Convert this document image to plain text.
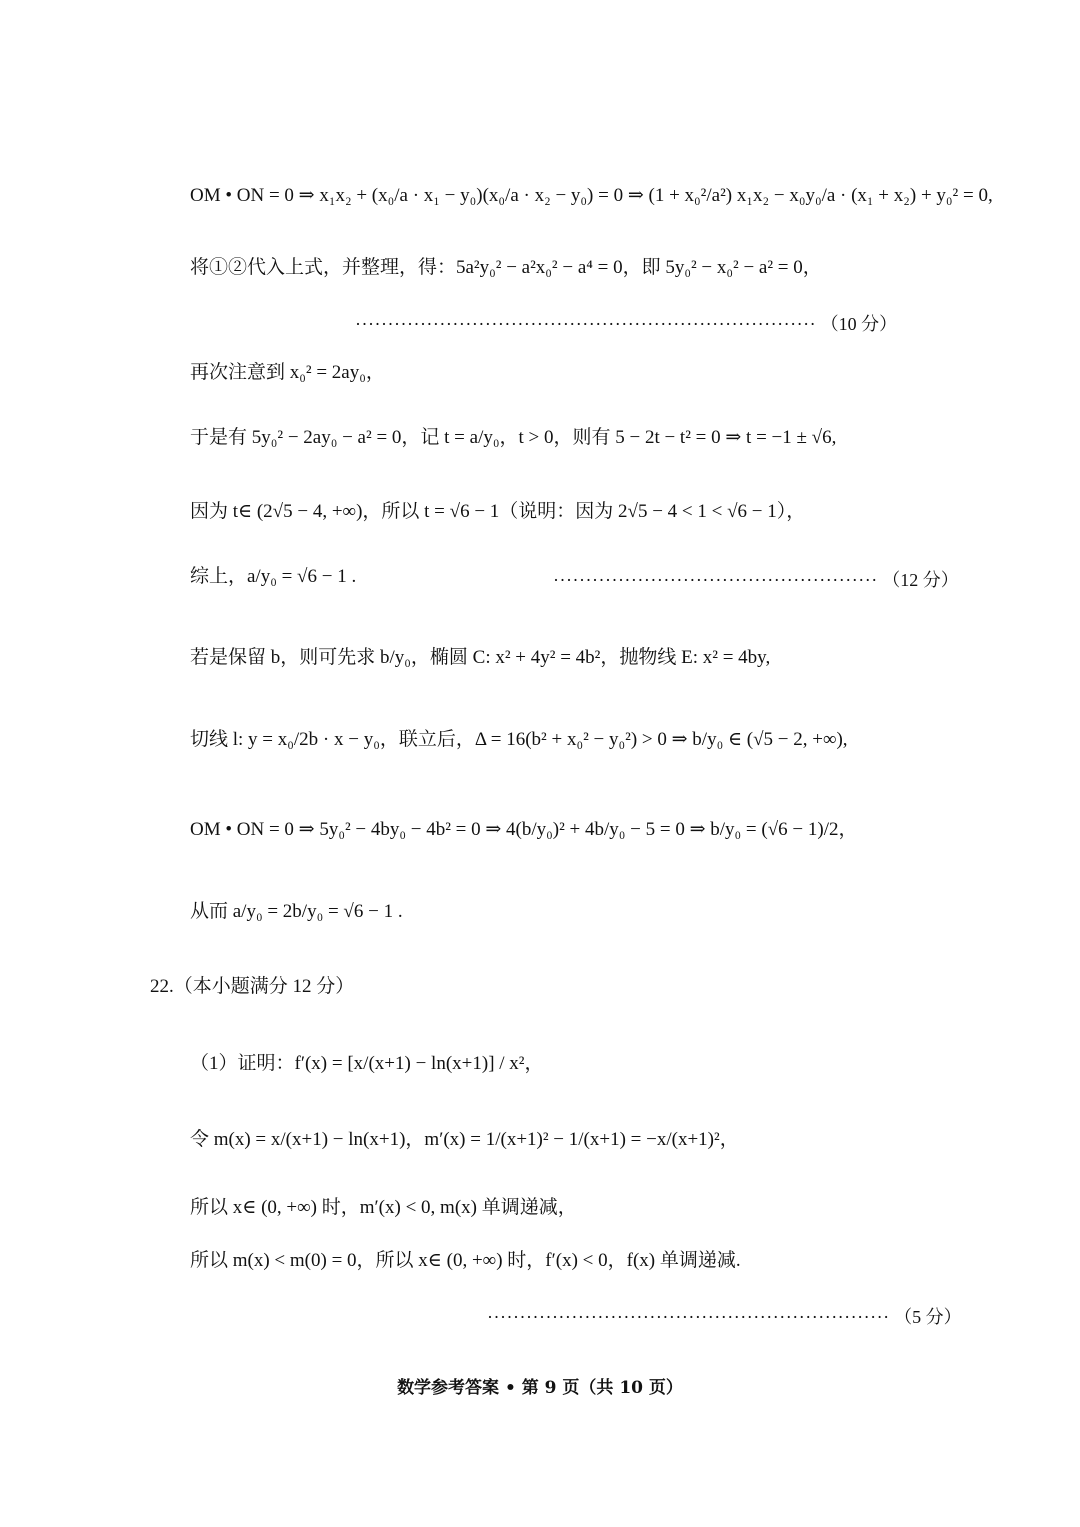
OM • ON = 0 ⇒ x₁x₂ + (x₀/a · x₁ − y₀)(x₀/a · x₂ − y₀) = 0 ⇒ (1 + x₀²/a²) x₁x₂ − x₀y₀/a · (x₁ + x₂) + y₀² = 0,
将①②代入上式，并整理，得：5a²y₀² − a²x₀² − a⁴ = 0，即 5y₀² − x₀² − a² = 0，
······································································· （10 分）
再次注意到 x₀² = 2ay₀，
于是有 5y₀² − 2ay₀ − a² = 0，记 t = a/y₀，t > 0，则有 5 − 2t − t² = 0 ⇒ t = −1 ± √6,
因为 t∈ (2√5 − 4, +∞)，所以 t = √6 − 1（说明：因为 2√5 − 4 < 1 < √6 − 1），
综上，a/y₀ = √6 − 1 .	·················································· （12 分）
若是保留 b，则可先求 b/y₀，椭圆 C: x² + 4y² = 4b²，抛物线 E: x² = 4by,
切线 l: y = x₀/2b · x − y₀，联立后，Δ = 16(b² + x₀² − y₀²) > 0 ⇒ b/y₀ ∈ (√5 − 2, +∞),
OM • ON = 0 ⇒ 5y₀² − 4by₀ − 4b² = 0 ⇒ 4(b/y₀)² + 4b/y₀ − 5 = 0 ⇒ b/y₀ = (√6 − 1)/2，
从而 a/y₀ = 2b/y₀ = √6 − 1 .
22.（本小题满分 12 分）
（1）证明：f′(x) = [x/(x+1) − ln(x+1)] / x²，
令 m(x) = x/(x+1) − ln(x+1)，m′(x) = 1/(x+1)² − 1/(x+1) = −x/(x+1)²，
所以 x∈ (0, +∞) 时，m′(x) < 0, m(x) 单调递减，
所以 m(x) < m(0) = 0，所以 x∈ (0, +∞) 时，f′(x) < 0，f(x) 单调递减.
······························································ （5 分）
数学参考答案 • 第 9 页（共 10 页）
